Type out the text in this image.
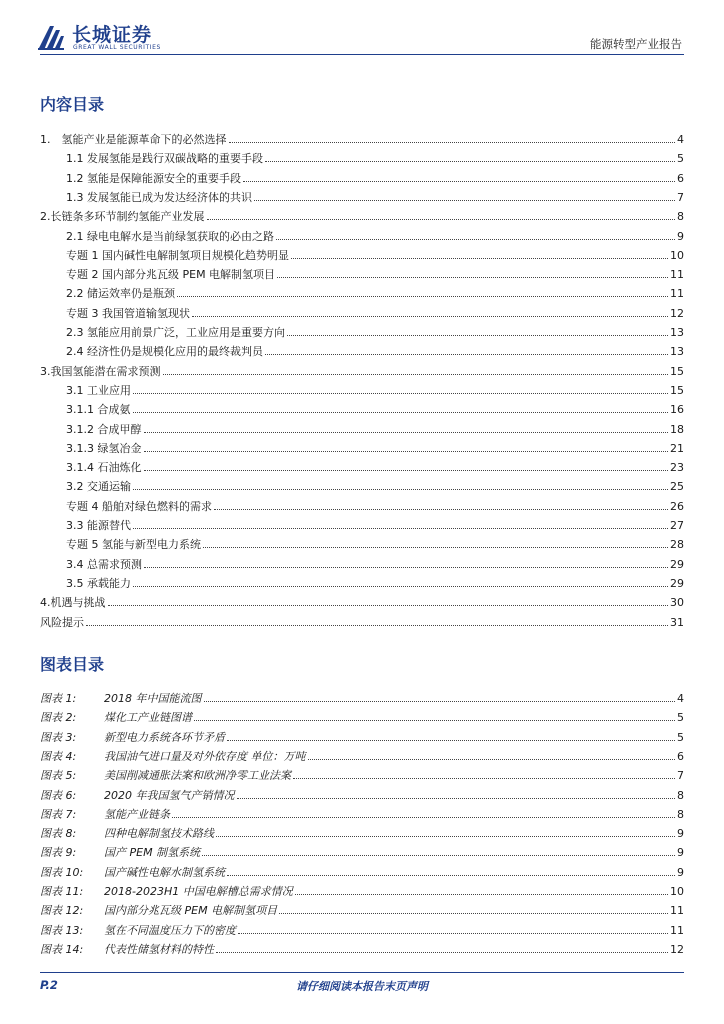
长城证券
GREAT WALL SECURITIES	能源转型产业报告
内容目录
1.　氢能产业是能源革命下的必然选择	4
1.1 发展氢能是践行双碳战略的重要手段	5
1.2 氢能是保障能源安全的重要手段	6
1.3 发展氢能已成为发达经济体的共识	7
2.长链条多环节制约氢能产业发展	8
2.1 绿电电解水是当前绿氢获取的必由之路	9
专题 1 国内碱性电解制氢项目规模化趋势明显	10
专题 2 国内部分兆瓦级 PEM 电解制氢项目	11
2.2 储运效率仍是瓶颈	11
专题 3 我国管道输氢现状	12
2.3 氢能应用前景广泛，工业应用是重要方向	13
2.4 经济性仍是规模化应用的最终裁判员	13
3.我国氢能潜在需求预测	15
3.1 工业应用	15
3.1.1 合成氨	16
3.1.2 合成甲醇	18
3.1.3 绿氢冶金	21
3.1.4 石油炼化	23
3.2 交通运输	25
专题 4 船舶对绿色燃料的需求	26
3.3 能源替代	27
专题 5 氢能与新型电力系统	28
3.4 总需求预测	29
3.5 承载能力	29
4.机遇与挑战	30
风险提示	31
图表目录
图表 1:	2018 年中国能流图	4
图表 2:	煤化工产业链图谱	5
图表 3:	新型电力系统各环节矛盾	5
图表 4:	我国油气进口量及对外依存度 单位：万吨	6
图表 5:	美国削减通胀法案和欧洲净零工业法案	7
图表 6:	2020 年我国氢气产销情况	8
图表 7:	氢能产业链条	8
图表 8:	四种电解制氢技术路线	9
图表 9:	国产 PEM 制氢系统	9
图表 10: 国产碱性电解水制氢系统	9
图表 11: 2018-2023H1 中国电解槽总需求情况	10
图表 12: 国内部分兆瓦级 PEM 电解制氢项目	11
图表 13: 氢在不同温度压力下的密度	11
图表 14: 代表性储氢材料的特性	12
P.2	请仔细阅读本报告末页声明
